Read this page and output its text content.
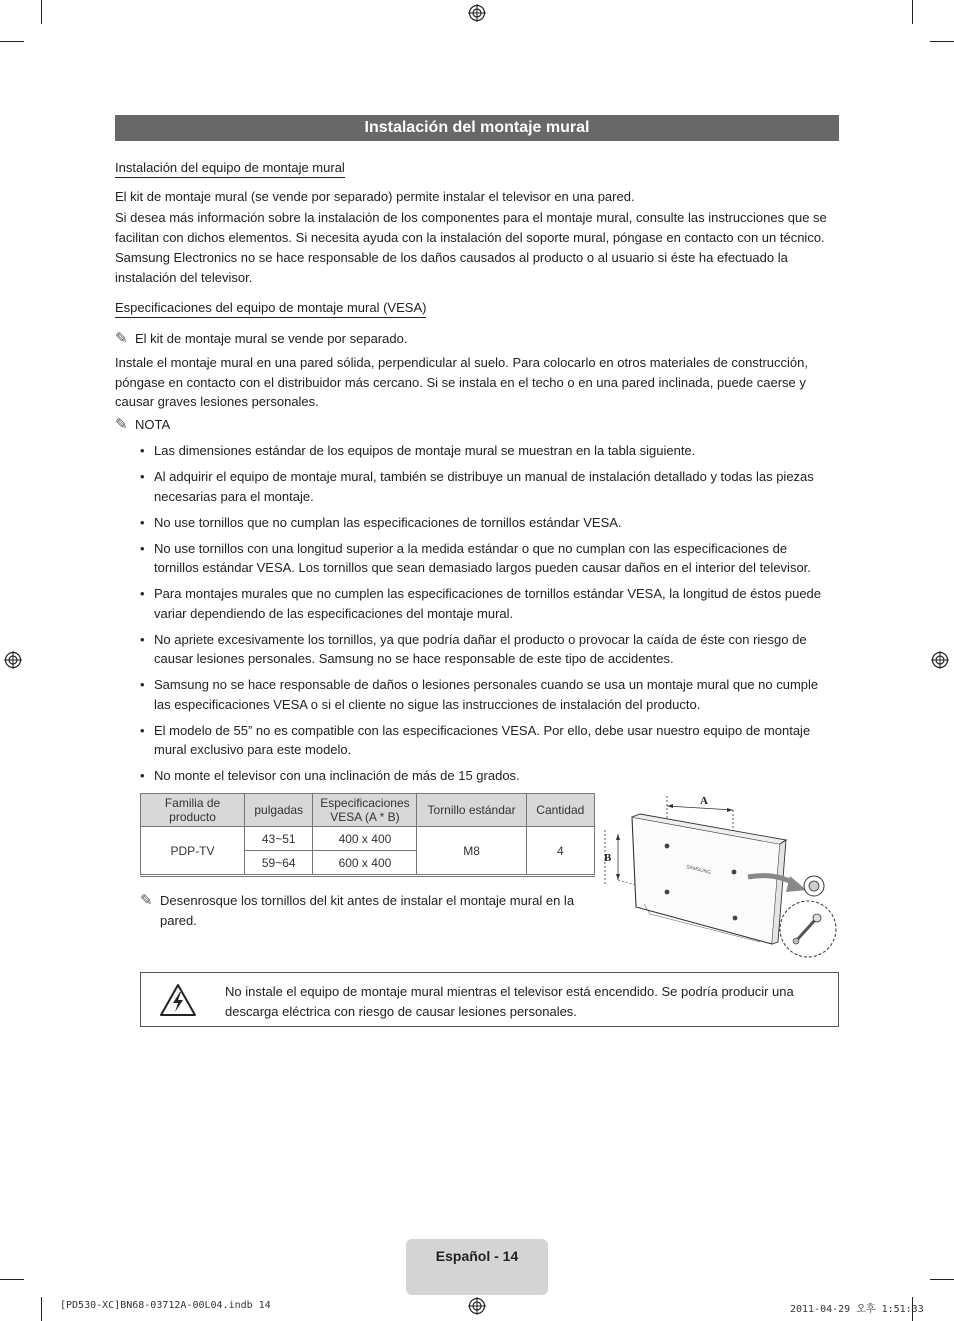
Instalación del montaje mural
Instalación del equipo de montaje mural
El kit de montaje mural (se vende por separado) permite instalar el televisor en una pared.
Si desea más información sobre la instalación de los componentes para el montaje mural, consulte las instrucciones que se facilitan con dichos elementos. Si necesita ayuda con la instalación del soporte mural, póngase en contacto con un técnico.
Samsung Electronics no se hace responsable de los daños causados al producto o al usuario si éste ha efectuado la instalación del televisor.
Especificaciones del equipo de montaje mural (VESA)
✎ El kit de montaje mural se vende por separado.
Instale el montaje mural en una pared sólida, perpendicular al suelo. Para colocarlo en otros materiales de construcción, póngase en contacto con el distribuidor más cercano. Si se instala en el techo o en una pared inclinada, puede caerse y causar graves lesiones personales.
✎ NOTA
• Las dimensiones estándar de los equipos de montaje mural se muestran en la tabla siguiente.
• Al adquirir el equipo de montaje mural, también se distribuye un manual de instalación detallado y todas las piezas necesarias para el montaje.
• No use tornillos que no cumplan las especificaciones de tornillos estándar VESA.
• No use tornillos con una longitud superior a la medida estándar o que no cumplan con las especificaciones de tornillos estándar VESA. Los tornillos que sean demasiado largos pueden causar daños en el interior del televisor.
• Para montajes murales que no cumplen las especificaciones de tornillos estándar VESA, la longitud de éstos puede variar dependiendo de las especificaciones del montaje mural.
• No apriete excesivamente los tornillos, ya que podría dañar el producto o provocar la caída de éste con riesgo de causar lesiones personales. Samsung no se hace responsable de este tipo de accidentes.
• Samsung no se hace responsable de daños o lesiones personales cuando se usa un montaje mural que no cumple las especificaciones VESA o si el cliente no sigue las instrucciones de instalación del producto.
• El modelo de 55” no es compatible con las especificaciones VESA. Por ello, debe usar nuestro equipo de montaje mural exclusivo para este modelo.
• No monte el televisor con una inclinación de más de 15 grados.
Familia de producto	pulgadas	Especificaciones VESA (A * B)	Tornillo estándar	Cantidad
PDP-TV	43~51	400 x 400	M8	4
	59~64	600 x 400		
✎ Desenrosque los tornillos del kit antes de instalar el montaje mural en la pared.
A
B
SAMSUNG
No instale el equipo de montaje mural mientras el televisor está encendido. Se podría producir una descarga eléctrica con riesgo de causar lesiones personales.
Español - 14
[PD530-XC]BN68-03712A-00L04.indb 14	2011-04-29 오후 1:51:33
